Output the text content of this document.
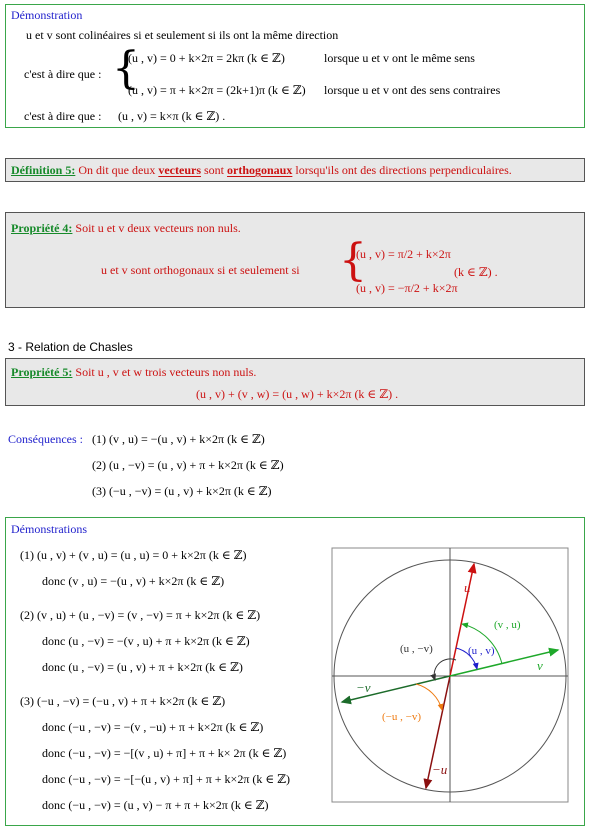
Démonstration
u et v sont colinéaires si et seulement si ils ont la même direction
c'est à dire que : {
(u , v) = 0 + k×2π = 2kπ (k ∈ ℤ)	lorsque u et v ont le même sens
(u , v) = π + k×2π = (2k+1)π (k ∈ ℤ) lorsque u et v ont des sens contraires
c'est à dire que : (u , v) = k×π (k ∈ ℤ) .
Définition 5: On dit que deux vecteurs sont orthogonaux lorsqu'ils ont des directions perpendiculaires.
Propriété 4: Soit u et v deux vecteurs non nuls.
u et v sont orthogonaux si et seulement si {
(u , v) = π/2 + k×2π
(u , v) = −π/2 + k×2π
(k ∈ ℤ) .
3 - Relation de Chasles
Propriété 5: Soit u , v et w trois vecteurs non nuls.
(u , v) + (v , w) = (u , w) + k×2π (k ∈ ℤ) .
Conséquences : (1) (v , u) = −(u , v) + k×2π (k ∈ ℤ)
(2) (u , −v) = (u , v) + π + k×2π (k ∈ ℤ)
(3) (−u , −v) = (u , v) + k×2π (k ∈ ℤ)
Démonstrations
(1) (u , v) + (v , u) = (u , u) = 0 + k×2π (k ∈ ℤ)
donc (v , u) = −(u , v) + k×2π (k ∈ ℤ)
(2) (v , u) + (u , −v) = (v , −v) = π + k×2π (k ∈ ℤ)
donc (u , −v) = −(v , u) + π + k×2π (k ∈ ℤ)
donc (u , −v) = (u , v) + π + k×2π (k ∈ ℤ)
(3) (−u , −v) = (−u , v) + π + k×2π (k ∈ ℤ)
donc (−u , −v) = −(v , −u) + π + k×2π (k ∈ ℤ)
donc (−u , −v) = −[(v , u) + π] + π + k× 2π (k ∈ ℤ)
donc (−u , −v) = −[−(u , v) + π] + π + k×2π (k ∈ ℤ)
donc (−u , −v) = (u , v) − π + π + k×2π (k ∈ ℤ)
u
−u
v
−v
(v , u)
(u , v)
(u , −v)
(−u , −v)
